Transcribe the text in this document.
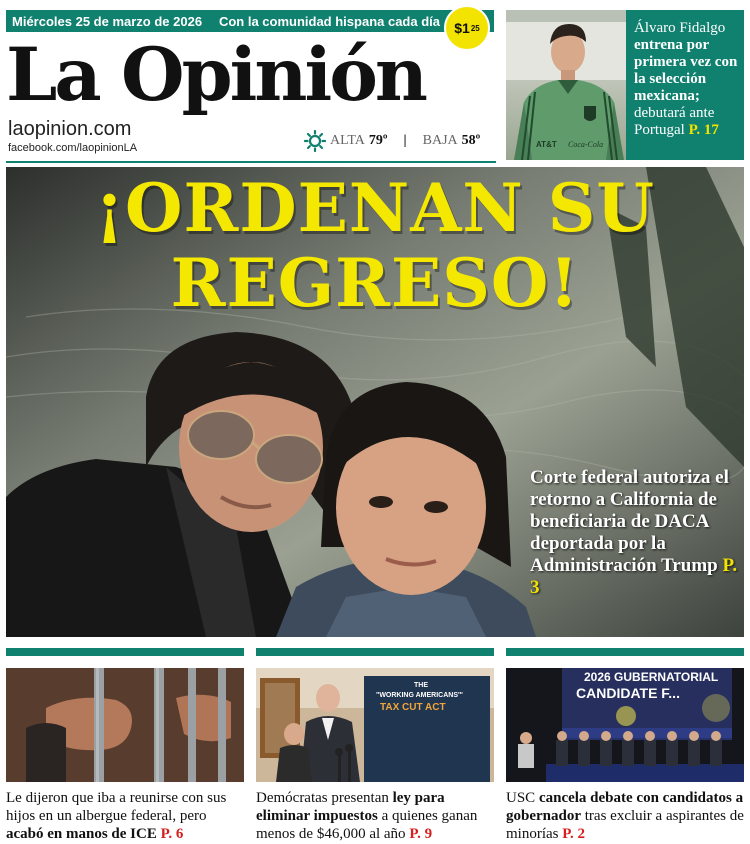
Miércoles 25 de marzo de 2026 Con la comunidad hispana cada día $1 25
La Opinión
laopinion.com
facebook.com/laopinionLA	ALTA 79º | BAJA 58º	AT&T Coca-Cola
Álvaro Fidalgo entrena por primera vez con la selección mexicana; debutará ante Portugal P. 17
¡ORDENAN SU
REGRESO!
Corte federal autoriza el retorno a California de beneficiaria de DACA deportada por la Administración Trump P. 3
THE
"WORKING AMERICANS'"
TAX CUT ACT
2026 GUBERNATORIAL
CANDIDATE F...
Le dijeron que iba a reunirse con sus hijos en un albergue federal, pero acabó en manos de ICE P. 6
Demócratas presentan ley para eliminar impuestos a quienes ganan menos de $46,000 al año P. 9
USC cancela debate con candidatos a gobernador tras excluir a aspirantes de minorías P. 2
